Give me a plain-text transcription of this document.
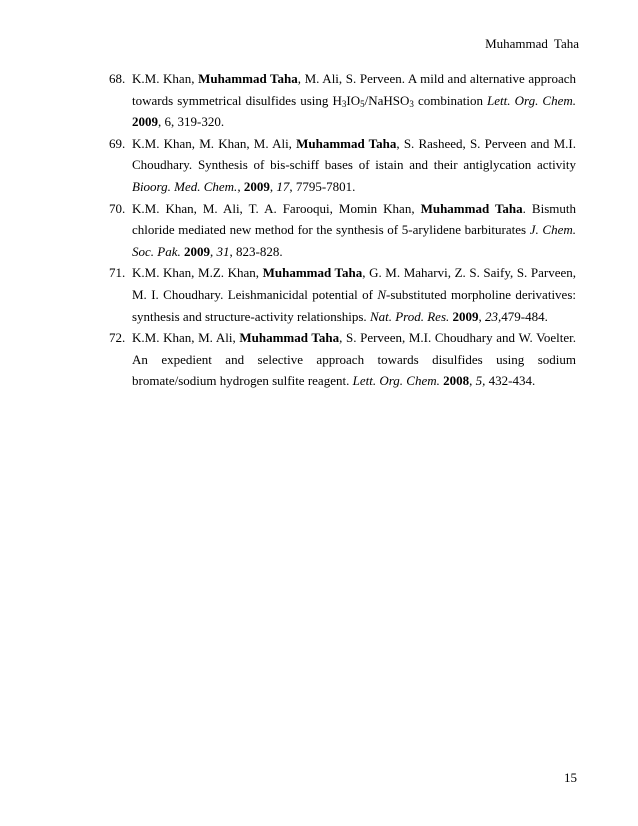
Muhammad Taha
68. K.M. Khan, Muhammad Taha, M. Ali, S. Perveen. A mild and alternative approach towards symmetrical disulfides using $H_3IO_5/NaHSO_3$ combination Lett. Org. Chem. 2009, 6, 319-320.
69. K.M. Khan, M. Khan, M. Ali, Muhammad Taha, S. Rasheed, S. Perveen and M.I. Choudhary. Synthesis of bis-schiff bases of istain and their antiglycation activity Bioorg. Med. Chem., 2009, 17, 7795-7801.
70. K.M. Khan, M. Ali, T. A. Farooqui, Momin Khan, Muhammad Taha. Bismuth chloride mediated new method for the synthesis of 5-arylidene barbiturates J. Chem. Soc. Pak. 2009, 31, 823-828.
71. K.M. Khan, M.Z. Khan, Muhammad Taha, G. M. Maharvi, Z. S. Saify, S. Parveen, M. I. Choudhary. Leishmanicidal potential of N-substituted morpholine derivatives: synthesis and structure-activity relationships. Nat. Prod. Res. 2009, 23,479-484.
72. K.M. Khan, M. Ali, Muhammad Taha, S. Perveen, M.I. Choudhary and W. Voelter. An expedient and selective approach towards disulfides using sodium bromate/sodium hydrogen sulfite reagent. Lett. Org. Chem. 2008, 5, 432-434.
15
